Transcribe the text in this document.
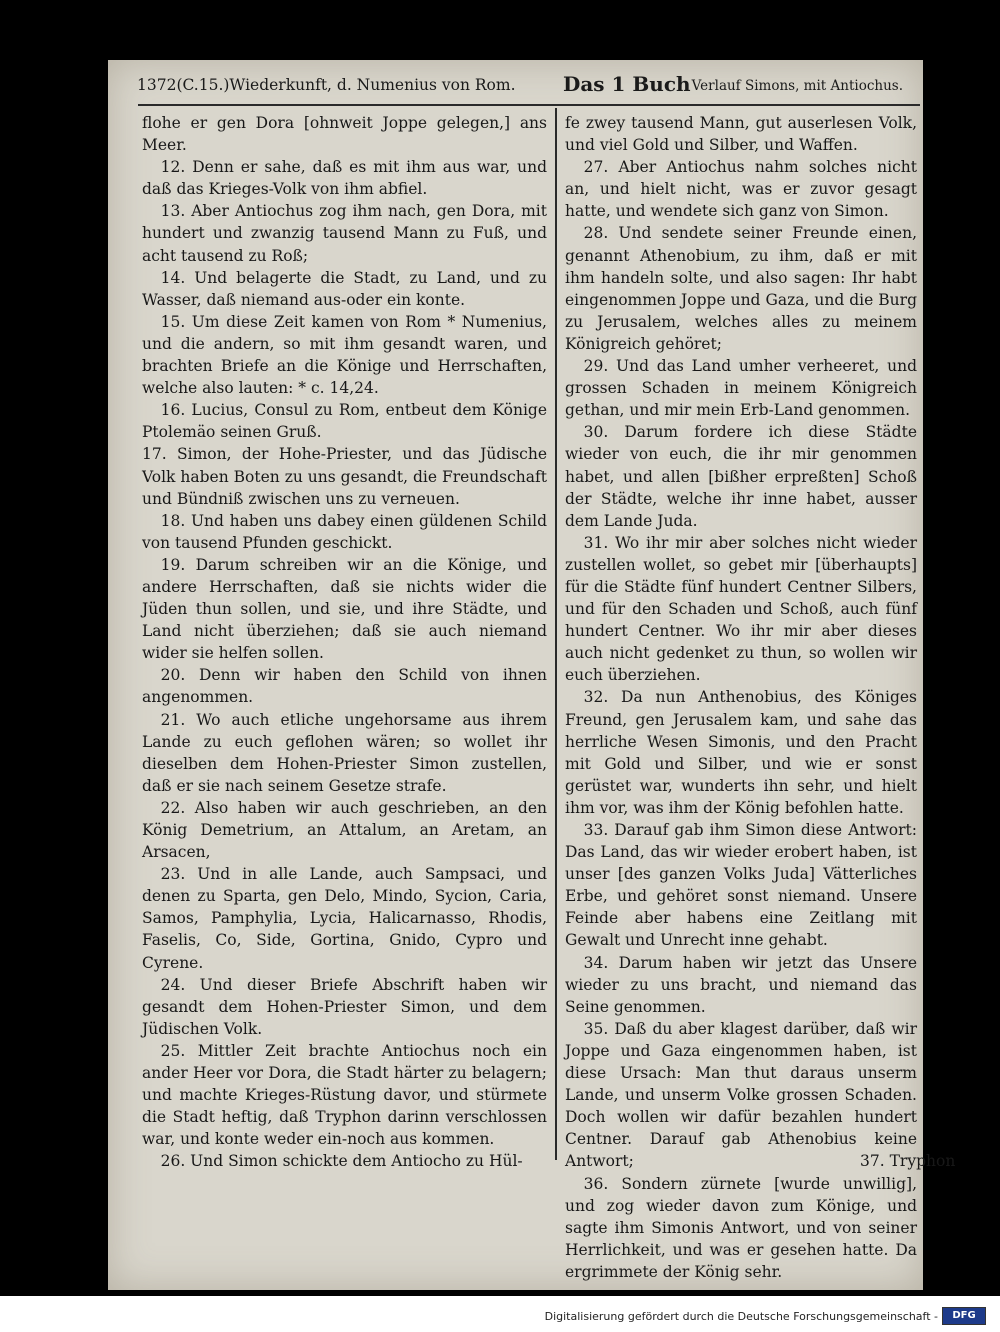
1372(C.15.)Wiederkunft, d. Numenius von Rom. Das 1 Buch Verlauf Simons, mit Antiochus.

flohe er gen Dora [ohnweit Joppe gelegen,] ans Meer.

12. Denn er sahe, daß es mit ihm aus war, und daß das Krieges-Volk von ihm abfiel.

13. Aber Antiochus zog ihm nach, gen Dora, mit hundert und zwanzig tausend Mann zu Fuß, und acht tausend zu Roß;

14. Und belagerte die Stadt, zu Land, und zu Wasser, daß niemand aus-oder ein konte.

15. Um diese Zeit kamen von Rom * Numenius, und die andern, so mit ihm gesandt waren, und brachten Briefe an die Könige und Herrschaften, welche also lauten: * c. 14,24.

16. Lucius, Consul zu Rom, entbeut dem Könige Ptolemäo seinen Gruß.

17. Simon, der Hohe-Priester, und das Jüdische Volk haben Boten zu uns gesandt, die Freundschaft und Bündniß zwischen uns zu verneuen.

18. Und haben uns dabey einen güldenen Schild von tausend Pfunden geschickt.

19. Darum schreiben wir an die Könige, und andere Herrschaften, daß sie nichts wider die Jüden thun sollen, und sie, und ihre Städte, und Land nicht überziehen; daß sie auch niemand wider sie helfen sollen.

20. Denn wir haben den Schild von ihnen angenommen.

21. Wo auch etliche ungehorsame aus ihrem Lande zu euch geflohen wären; so wollet ihr dieselben dem Hohen-Priester Simon zustellen, daß er sie nach seinem Gesetze strafe.

22. Also haben wir auch geschrieben, an den König Demetrium, an Attalum, an Aretam, an Arsacen,

23. Und in alle Lande, auch Sampsaci, und denen zu Sparta, gen Delo, Mindo, Sycion, Caria, Samos, Pamphylia, Lycia, Halicarnasso, Rhodis, Faselis, Co, Side, Gortina, Gnido, Cypro und Cyrene.

24. Und dieser Briefe Abschrift haben wir gesandt dem Hohen-Priester Simon, und dem Jüdischen Volk.

25. Mittler Zeit brachte Antiochus noch ein ander Heer vor Dora, die Stadt härter zu belagern; und machte Krieges-Rüstung davor, und stürmete die Stadt heftig, daß Tryphon darinn verschlossen war, und konte weder ein-noch aus kommen.

26. Und Simon schickte dem Antiocho zu Hül-

fe zwey tausend Mann, gut auserlesen Volk, und viel Gold und Silber, und Waffen.

27. Aber Antiochus nahm solches nicht an, und hielt nicht, was er zuvor gesagt hatte, und wendete sich ganz von Simon.

28. Und sendete seiner Freunde einen, genannt Athenobium, zu ihm, daß er mit ihm handeln solte, und also sagen: Ihr habt eingenommen Joppe und Gaza, und die Burg zu Jerusalem, welches alles zu meinem Königreich gehöret;

29. Und das Land umher verheeret, und grossen Schaden in meinem Königreich gethan, und mir mein Erb-Land genommen.

30. Darum fordere ich diese Städte wieder von euch, die ihr mir genommen habet, und allen [bißher erpreßten] Schoß der Städte, welche ihr inne habet, ausser dem Lande Juda.

31. Wo ihr mir aber solches nicht wieder zustellen wollet, so gebet mir [überhaupts] für die Städte fünf hundert Centner Silbers, und für den Schaden und Schoß, auch fünf hundert Centner. Wo ihr mir aber dieses auch nicht gedenket zu thun, so wollen wir euch überziehen.

32. Da nun Anthenobius, des Königes Freund, gen Jerusalem kam, und sahe das herrliche Wesen Simonis, und den Pracht mit Gold und Silber, und wie er sonst gerüstet war, wunderts ihn sehr, und hielt ihm vor, was ihm der König befohlen hatte.

33. Darauf gab ihm Simon diese Antwort: Das Land, das wir wieder erobert haben, ist unser [des ganzen Volks Juda] Vätterliches Erbe, und gehöret sonst niemand. Unsere Feinde aber habens eine Zeitlang mit Gewalt und Unrecht inne gehabt.

34. Darum haben wir jetzt das Unsere wieder zu uns bracht, und niemand das Seine genommen.

35. Daß du aber klagest darüber, daß wir Joppe und Gaza eingenommen haben, ist diese Ursach: Man thut daraus unserm Lande, und unserm Volke grossen Schaden. Doch wollen wir dafür bezahlen hundert Centner. Darauf gab Athenobius keine Antwort;

36. Sondern zürnete [wurde unwillig], und zog wieder davon zum Könige, und sagte ihm Simonis Antwort, und von seiner Herrlichkeit, und was er gesehen hatte. Da ergrimmete der König sehr.

37. Tryphon
Digitalisierung gefördert durch die Deutsche Forschungsgemeinschaft -	DFG
